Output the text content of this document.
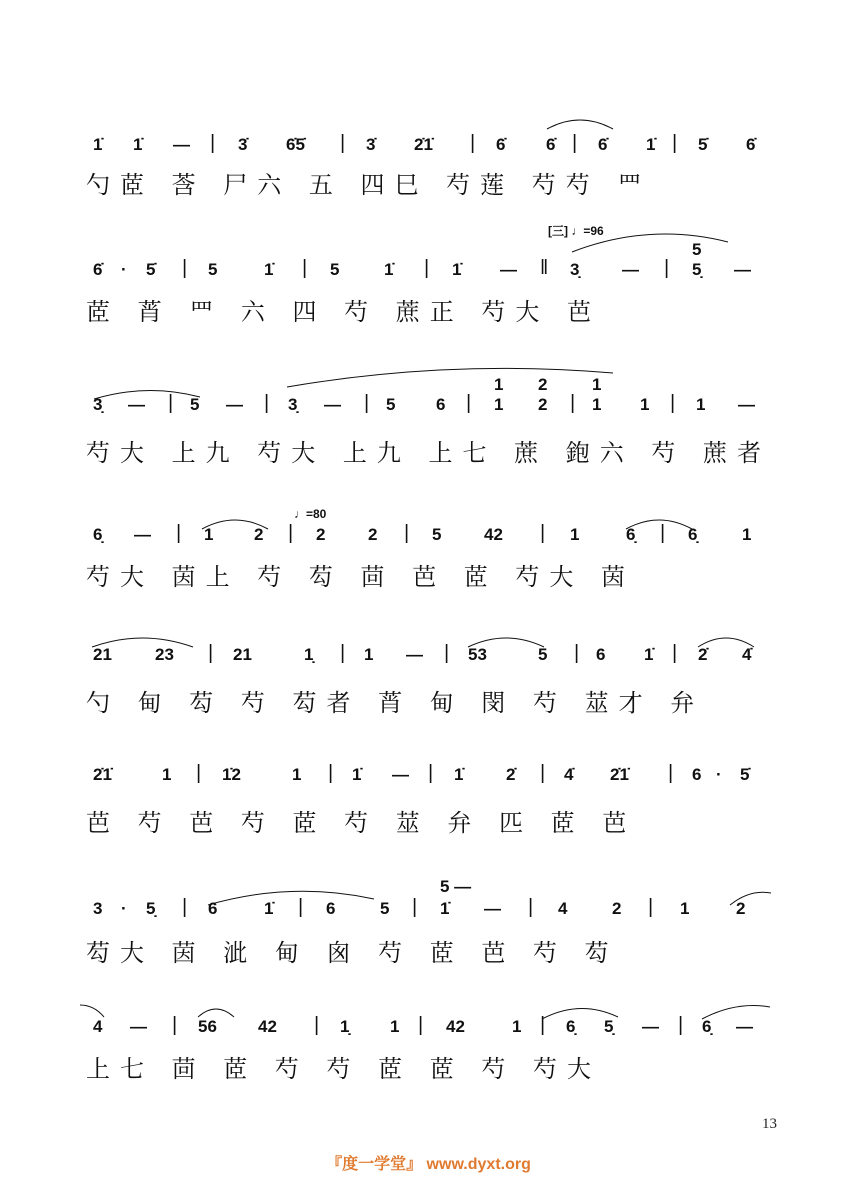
1̇ 1̇ — | 3̇ 6̇5̇ | 3̇ 2̇1̇ | 6̇ 6̇ | 6̇ 1̇ | 5̇ 6̇
勺茝 莟 尸六 五 四巳 芍莲 芍芍 罒
[三] ♩=96
5
6̇ · 5̇ | 5	1̇ | 5	1̇ | 1̇ — ‖ 3̣	— | 5̣ —
茝 莦 罒 六 四 芍 蔗正 芍大 芭
1 2	1
3̣ — | 5 — | 3̣ — | 5 6 | 1 2 | 1 1 | 1 —
芍大 上九 芍大 上九 上七 蔗 鉋六 芍 蔗者
♩=80
6̣ — | 1 2 | 2	2 | 5	42 | 1	6̣ | 6̣	1
芍大 茵上 芍 芶 茴 芭 茝 芍大 茵
21	23 | 21	1̣ | 1 — | 53	5 | 6 1̇ | 2̇ 4̇
勺 甸 芶 芍 芶者 莦 甸 閔 芍 莁才 弁
2̇1̇	1 | 1̇2	1 | 1̇ — | 1̇	2̇ | 4̇ 2̇1̇ | 6 · 5̇
芭 芍 芭 芍 茝 芍 莁 弁 匹 茝 芭
5 —
3 · 5̣ | 6	1̇ | 6	5 | 1̇ — | 4	2 | 1	2
芶大 茵 泚 甸 囪 芍 茝 芭 芍 芶
4 — | 56 42 | 1̣ 1 | 42	1 | 6̣ 5̣ — | 6̣ —
上七 茴 茝 芍 芍 茝 茝 芍 芍大
13
『度一学堂』 www.dyxt.org
